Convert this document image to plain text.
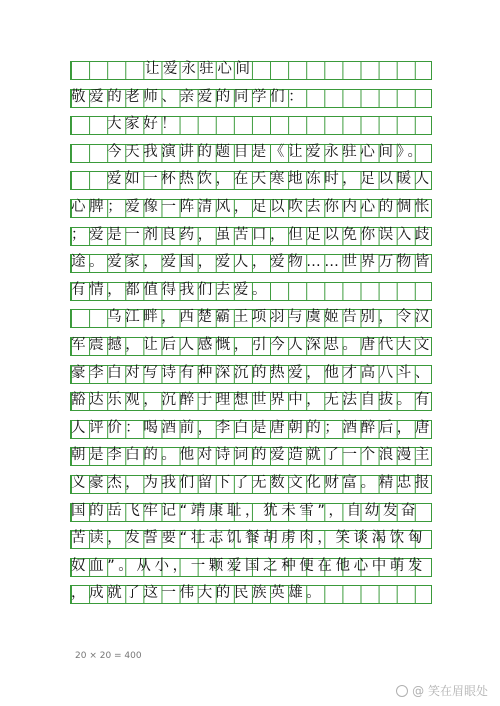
让爱永驻心间
敬爱的老师、亲爱的同学们：
大家好！
今天我演讲的题目是《让爱永驻心间》。
爱如一杯热饮，在天寒地冻时，足以暖人
心脾；爱像一阵清风，足以吹去你内心的惆怅
；爱是一剂良药，虽苦口，但足以免你误入歧
途。爱家，爱国，爱人，爱物……世界万物皆
有情，都值得我们去爱。
乌江畔，西楚霸王项羽与虞姬告别，令汉
军震撼，让后人感慨，引今人深思。唐代大文
豪李白对写诗有种深沉的热爱，他才高八斗、
豁达乐观，沉醉于理想世界中，无法自拔。有
人评价：喝酒前，李白是唐朝的；酒醉后，唐
朝是李白的。他对诗词的爱造就了一个浪漫主
义豪杰，为我们留下了无数文化财富。精忠报
国的岳飞牢记“靖康耻，犹未雪”，自幼发奋
苦读，发誓要“壮志饥餐胡虏肉，笑谈渴饮匈
奴血”。从小，一颗爱国之种便在他心中萌发
，成就了这一伟大的民族英雄。
20 × 20 = 400
@ 笑在眉眼处
